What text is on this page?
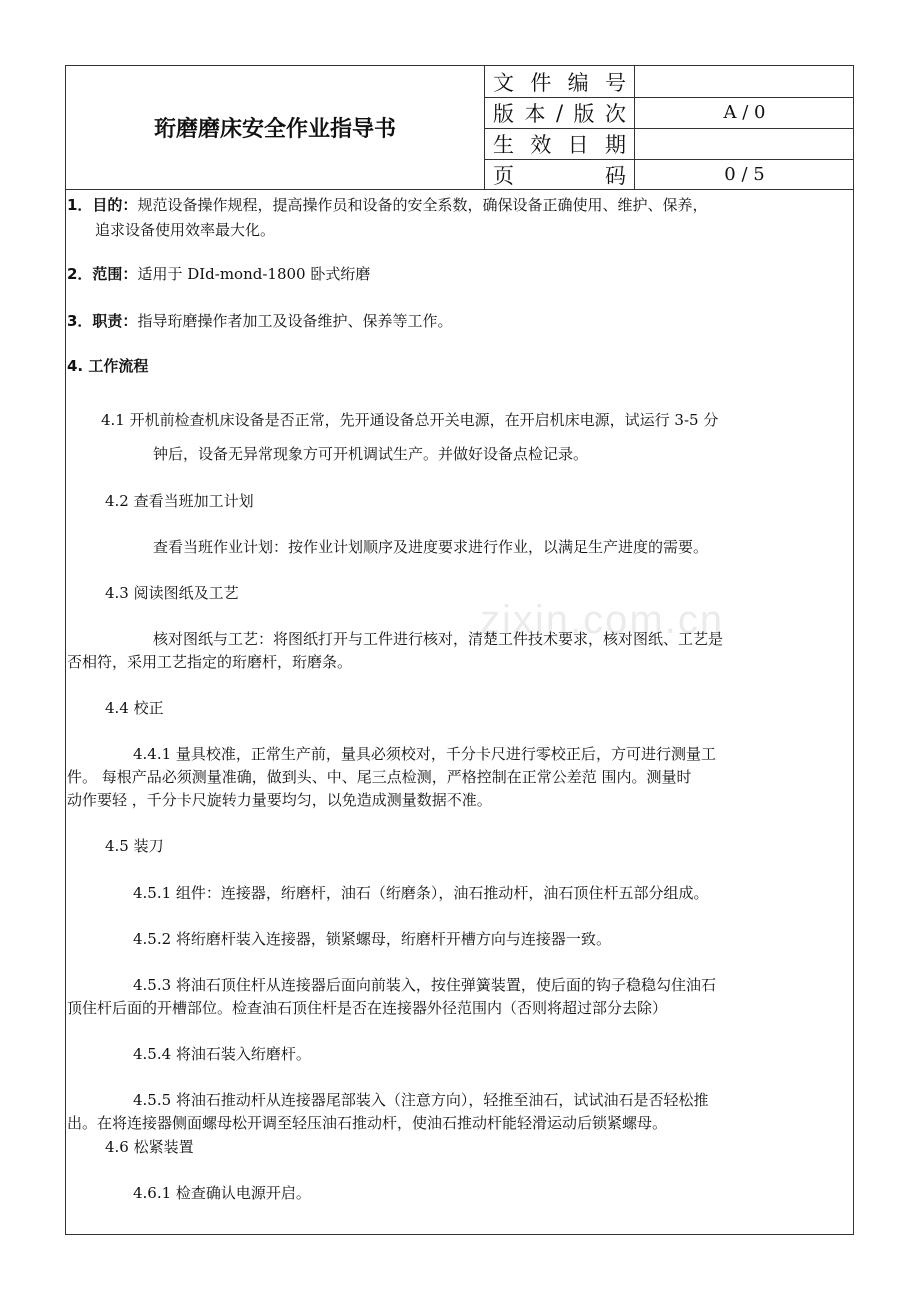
珩磨磨床安全作业指导书
文 件 编 号
版 本 / 版 次	A / 0
生 效 日 期
页	码	0 / 5
1．目的：规范设备操作规程，提高操作员和设备的安全系数，确保设备正确使用、维护、保养，
追求设备使用效率最大化。
2．范围：适用于 DId-mond-1800 卧式绗磨
3．职责：指导珩磨操作者加工及设备维护、保养等工作。
4. 工作流程
4.1 开机前检查机床设备是否正常，先开通设备总开关电源，在开启机床电源，试运行 3-5 分
钟后，设备无异常现象方可开机调试生产。并做好设备点检记录。
4.2 查看当班加工计划
查看当班作业计划：按作业计划顺序及进度要求进行作业，以满足生产进度的需要。
4.3 阅读图纸及工艺
核对图纸与工艺：将图纸打开与工件进行核对，清楚工件技术要求，核对图纸、工艺是
否相符，采用工艺指定的珩磨杆，珩磨条。
4.4 校正
4.4.1 量具校准，正常生产前，量具必须校对，千分卡尺进行零校正后，方可进行测量工
件。 每根产品必须测量准确，做到头、中、尾三点检测，严格控制在正常公差范 围内。测量时
动作要轻 ，千分卡尺旋转力量要均匀，以免造成测量数据不准。
4.5 装刀
4.5.1 组件：连接器，绗磨杆，油石（绗磨条），油石推动杆，油石顶住杆五部分组成。
4.5.2 将绗磨杆装入连接器，锁紧螺母，绗磨杆开槽方向与连接器一致。
4.5.3 将油石顶住杆从连接器后面向前装入，按住弹簧装置，使后面的钩子稳稳勾住油石
顶住杆后面的开槽部位。检查油石顶住杆是否在连接器外径范围内（否则将超过部分去除）
4.5.4 将油石装入绗磨杆。
4.5.5 将油石推动杆从连接器尾部装入（注意方向），轻推至油石，试试油石是否轻松推
出。在将连接器侧面螺母松开调至轻压油石推动杆，使油石推动杆能轻滑运动后锁紧螺母。
4.6 松紧装置
4.6.1 检查确认电源开启。
zixin.com.cn
